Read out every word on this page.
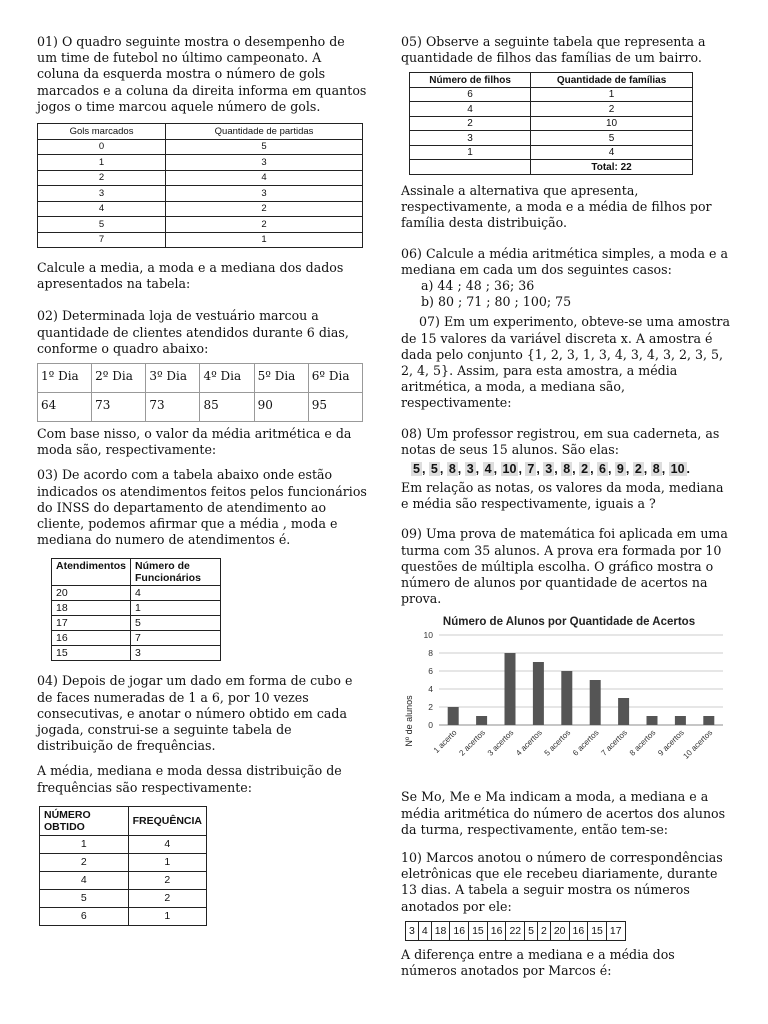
01) O quadro seguinte mostra o desempenho de um time de futebol no último campeonato. A coluna da esquerda mostra o número de gols marcados e a coluna da direita informa em quantos jogos o time marcou aquele número de gols.

Gols marcados	Quantidade de partidas
0	5
1	3
2	4
3	3
4	2
5	2
7	1

Calcule a media, a moda e a mediana dos dados apresentados na tabela:

02) Determinada loja de vestuário marcou a quantidade de clientes atendidos durante 6 dias, conforme o quadro abaixo:

1º Dia	2º Dia	3º Dia	4º Dia	5º Dia	6º Dia
64	73	73	85	90	95

Com base nisso, o valor da média aritmética e da moda são, respectivamente:

03) De acordo com a tabela abaixo onde estão indicados os atendimentos feitos pelos funcionários do INSS do departamento de atendimento ao cliente, podemos afirmar que a média , moda e mediana do numero de atendimentos é.

Atendimentos	Número de Funcionários
20	4
18	1
17	5
16	7
15	3

04) Depois de jogar um dado em forma de cubo e de faces numeradas de 1 a 6, por 10 vezes consecutivas, e anotar o número obtido em cada jogada, construi-se a seguinte tabela de distribuição de frequências.

A média, mediana e moda dessa distribuição de frequências são respectivamente:

NÚMERO OBTIDO	FREQUÊNCIA
1	4
2	1
4	2
5	2
6	1

05) Observe a seguinte tabela que representa a quantidade de filhos das famílias de um bairro.

Número de filhos	Quantidade de famílias
6	1
4	2
2	10
3	5
1	4
	Total: 22

Assinale a alternativa que apresenta, respectivamente, a moda e a média de filhos por família desta distribuição.

06) Calcule a média aritmética simples, a moda e a mediana em cada um dos seguintes casos:

a) 44 ; 48 ; 36; 36

b) 80 ; 71 ; 80 ; 100; 75

07) Em um experimento, obteve-se uma amostra de 15 valores da variável discreta x. A amostra é dada pelo conjunto {1, 2, 3, 1, 3, 4, 3, 4, 3, 2, 3, 5, 2, 4, 5}. Assim, para esta amostra, a média aritmética, a moda, a mediana são, respectivamente:

08) Um professor registrou, em sua caderneta, as notas de seus 15 alunos. São elas:

5 , 5 , 8 , 3 , 4 , 10 , 7 , 3 , 8 , 2 , 6 , 9 , 2 , 8 , 10 .

Em relação as notas, os valores da moda, mediana e média são respectivamente, iguais a ?

09) Uma prova de matemática foi aplicada em uma turma com 35 alunos. A prova era formada por 10 questões de múltipla escolha. O gráfico mostra o número de alunos por quantidade de acertos na prova.

Número de Alunos por Quantidade de Acertos
Nº de alunos 0
2
4
6
8
10
1 acerto
2 acertos
3 acertos
4 acertos
5 acertos
6 acertos
7 acertos
8 acertos
9 acertos
10 acertos

Se Mo, Me e Ma indicam a moda, a mediana e a média aritmética do número de acertos dos alunos da turma, respectivamente, então tem-se:

10) Marcos anotou o número de correspondências eletrônicas que ele recebeu diariamente, durante 13 dias. A tabela a seguir mostra os números anotados por ele:

3	4	18	16	15	16	22	5	2	20	16	15	17

A diferença entre a mediana e a média dos números anotados por Marcos é:
